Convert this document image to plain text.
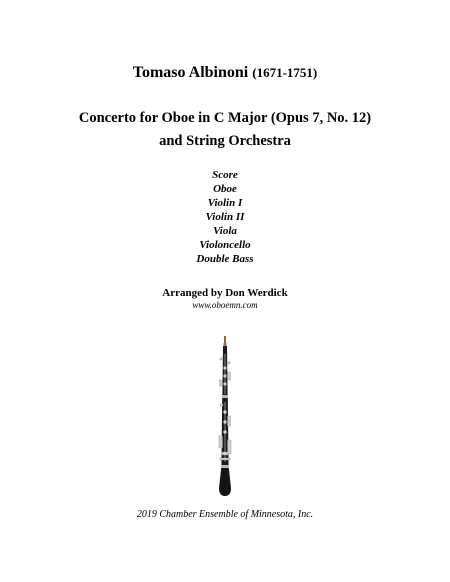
Tomaso Albinoni (1671-1751)
Concerto for Oboe in C Major (Opus 7, No. 12)
and String Orchestra
Score
Oboe
Violin I
Violin II
Viola
Violoncello
Double Bass
Arranged by Don Werdick
www.oboemn.com
2019 Chamber Ensemble of Minnesota, Inc.
